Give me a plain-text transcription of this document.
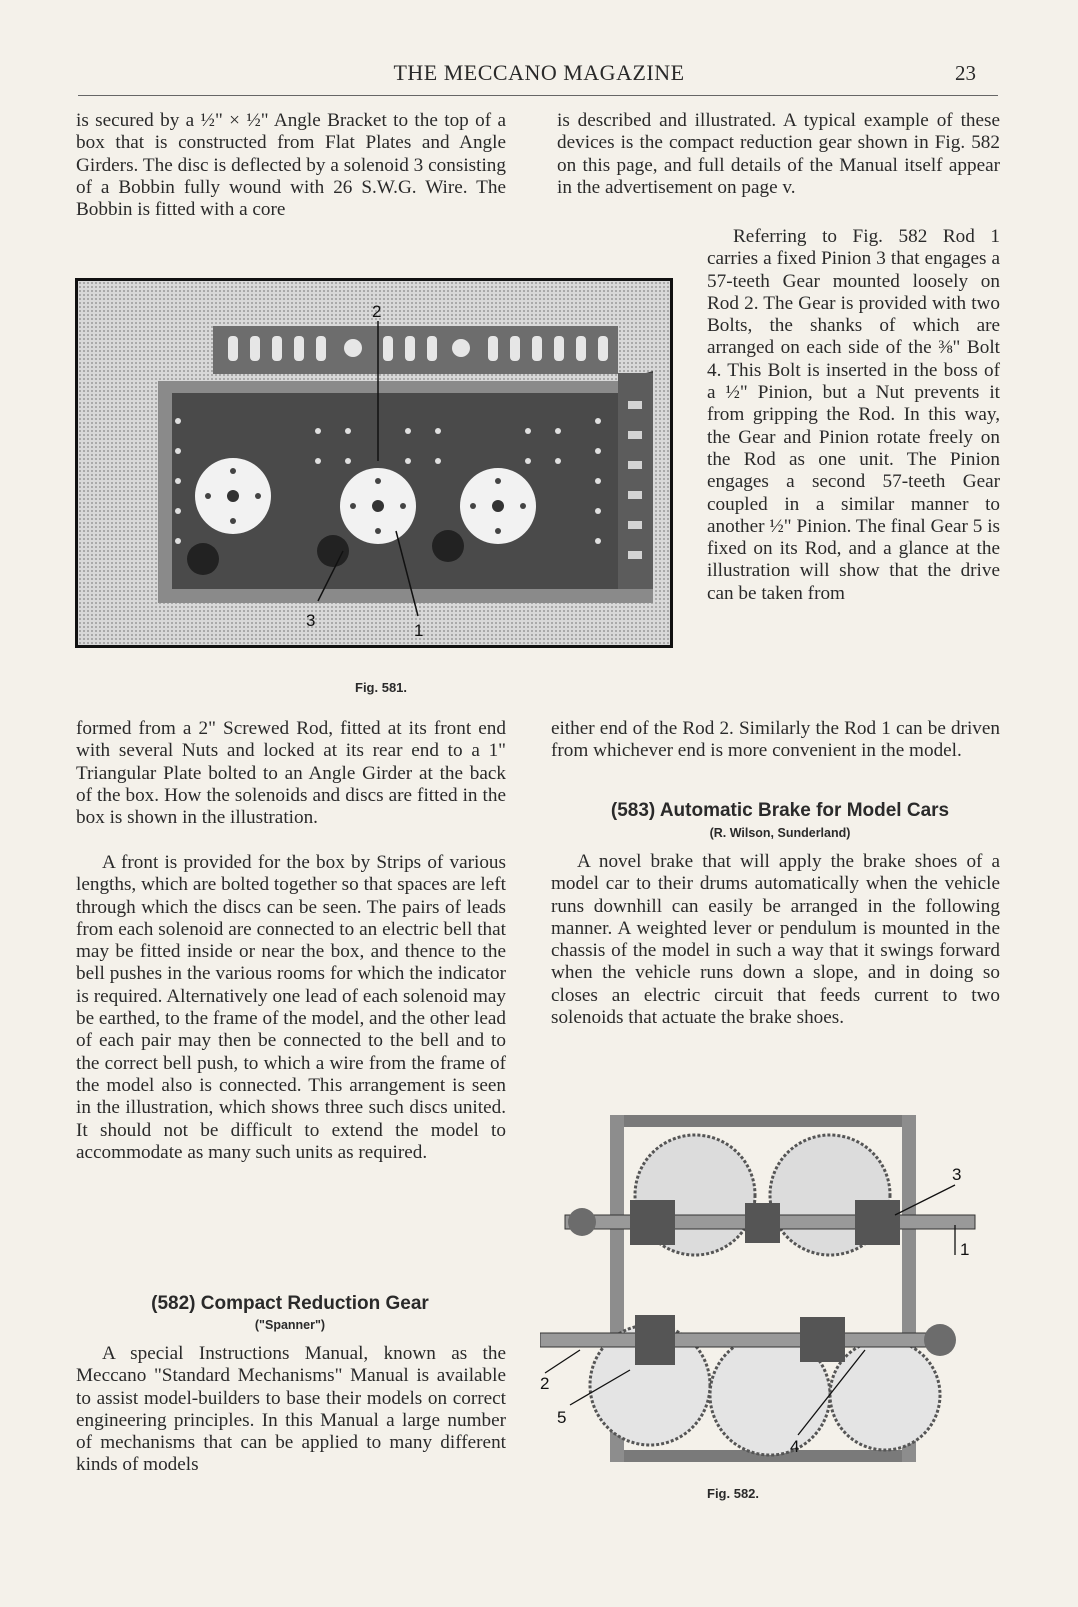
THE MECCANO MAGAZINE	23

is secured by a ½" × ½" Angle Bracket to the top of a box that is constructed from Flat Plates and Angle Girders. The disc is deflected by a solenoid 3 consisting of a Bobbin fully wound with 26 S.W.G. Wire. The Bobbin is fitted with a core

2
3
1
Fig. 581.

formed from a 2" Screwed Rod, fitted at its front end with several Nuts and locked at its rear end to a 1" Triangular Plate bolted to an Angle Girder at the back of the box. How the solenoids and discs are fitted in the box is shown in the illustration.

A front is provided for the box by Strips of various lengths, which are bolted together so that spaces are left through which the discs can be seen. The pairs of leads from each solenoid are connected to an electric bell that may be fitted inside or near the box, and thence to the bell pushes in the various rooms for which the indicator is required. Alternatively one lead of each solenoid may be earthed, to the frame of the model, and the other lead of each pair may then be connected to the bell and to the correct bell push, to which a wire from the frame of the model also is connected. This arrangement is seen in the illustration, which shows three such discs united. It should not be difficult to extend the model to accommodate as many such units as required.

(582) Compact Reduction Gear
("Spanner")

A special Instructions Manual, known as the Meccano "Standard Mechanisms" Manual is available to assist model-builders to base their models on correct engineering principles. In this Manual a large number of mechanisms that can be applied to many different kinds of models

is described and illustrated. A typical example of these devices is the compact reduction gear shown in Fig. 582 on this page, and full details of the Manual itself appear in the advertisement on page v.

Referring to Fig. 582 Rod 1 carries a fixed Pinion 3 that engages a 57-teeth Gear mounted loosely on Rod 2. The Gear is provided with two Bolts, the shanks of which are arranged on each side of the ⅜" Bolt 4. This Bolt is inserted in the boss of a ½" Pinion, but a Nut prevents it from gripping the Rod. In this way, the Gear and Pinion rotate freely on the Rod as one unit. The Pinion engages a second 57-teeth Gear coupled in a similar manner to another ½" Pinion. The final Gear 5 is fixed on its Rod, and a glance at the illustration will show that the drive can be taken from

either end of the Rod 2. Similarly the Rod 1 can be driven from whichever end is more convenient in the model.

(583) Automatic Brake for Model Cars
(R. Wilson, Sunderland)

A novel brake that will apply the brake shoes of a model car to their drums automatically when the vehicle runs downhill can easily be arranged in the following manner. A weighted lever or pendulum is mounted in the chassis of the model in such a way that it swings forward when the vehicle runs down a slope, and in doing so closes an electric circuit that feeds current to two solenoids that actuate the brake shoes.

3
1
2
5
4
Fig. 582.
